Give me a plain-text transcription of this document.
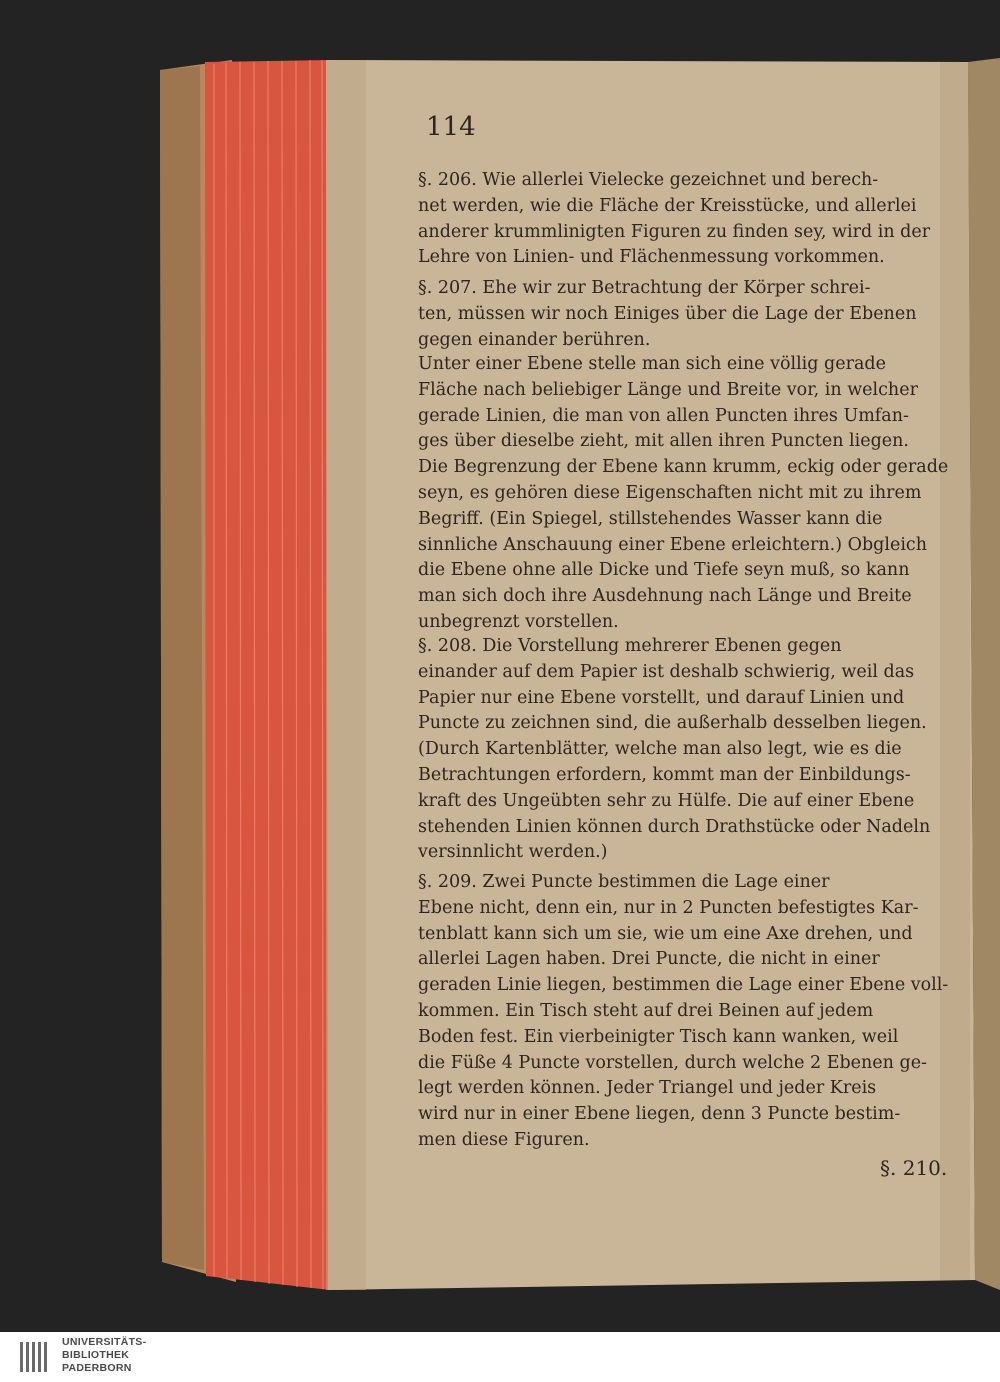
§. 206. Wie allerlei Vielecke gezeichnet und berech-
net werden, wie die Fläche der Kreisstücke, und allerlei
anderer krummlinigten Figuren zu finden sey, wird in der
Lehre von Linien- und Flächenmessung vorkommen.
§. 207. Ehe wir zur Betrachtung der Körper schrei-
ten, müssen wir noch Einiges über die Lage der Ebenen
gegen einander berühren.
Unter einer Ebene stelle man sich eine völlig gerade
Fläche nach beliebiger Länge und Breite vor, in welcher
gerade Linien, die man von allen Puncten ihres Umfan-
ges über dieselbe zieht, mit allen ihren Puncten liegen.
Die Begrenzung der Ebene kann krumm, eckig oder gerade
seyn, es gehören diese Eigenschaften nicht mit zu ihrem
Begriff. (Ein Spiegel, stillstehendes Wasser kann die
sinnliche Anschauung einer Ebene erleichtern.) Obgleich
die Ebene ohne alle Dicke und Tiefe seyn muß, so kann
man sich doch ihre Ausdehnung nach Länge und Breite
unbegrenzt vorstellen.
§. 208. Die Vorstellung mehrerer Ebenen gegen
einander auf dem Papier ist deshalb schwierig, weil das
Papier nur eine Ebene vorstellt, und darauf Linien und
Puncte zu zeichnen sind, die außerhalb desselben liegen.
(Durch Kartenblätter, welche man also legt, wie es die
Betrachtungen erfordern, kommt man der Einbildungs-
kraft des Ungeübten sehr zu Hülfe. Die auf einer Ebene
stehenden Linien können durch Drathstücke oder Nadeln
versinnlicht werden.)
§. 209. Zwei Puncte bestimmen die Lage einer
Ebene nicht, denn ein, nur in 2 Puncten befestigtes Kar-
tenblatt kann sich um sie, wie um eine Axe drehen, und
allerlei Lagen haben. Drei Puncte, die nicht in einer
geraden Linie liegen, bestimmen die Lage einer Ebene voll-
kommen. Ein Tisch steht auf drei Beinen auf jedem
Boden fest. Ein vierbeinigter Tisch kann wanken, weil
die Füße 4 Puncte vorstellen, durch welche 2 Ebenen ge-
legt werden können. Jeder Triangel und jeder Kreis
wird nur in einer Ebene liegen, denn 3 Puncte bestim-
men diese Figuren.
114
§. 210.
UNIVERSITÄTS-
BIBLIOTHEK
PADERBORN
